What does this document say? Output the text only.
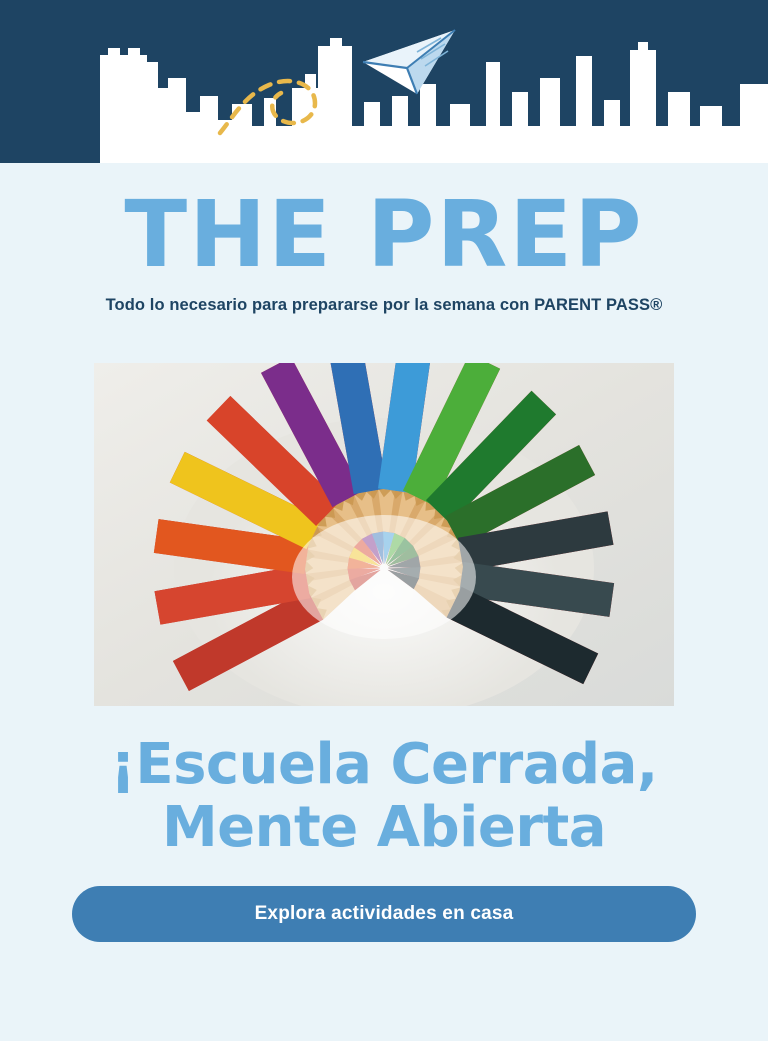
THE PREP

Todo lo necesario para prepararse por la semana con PARENT PASS®

¡Escuela Cerrada,
Mente Abierta
Explora actividades en casa
